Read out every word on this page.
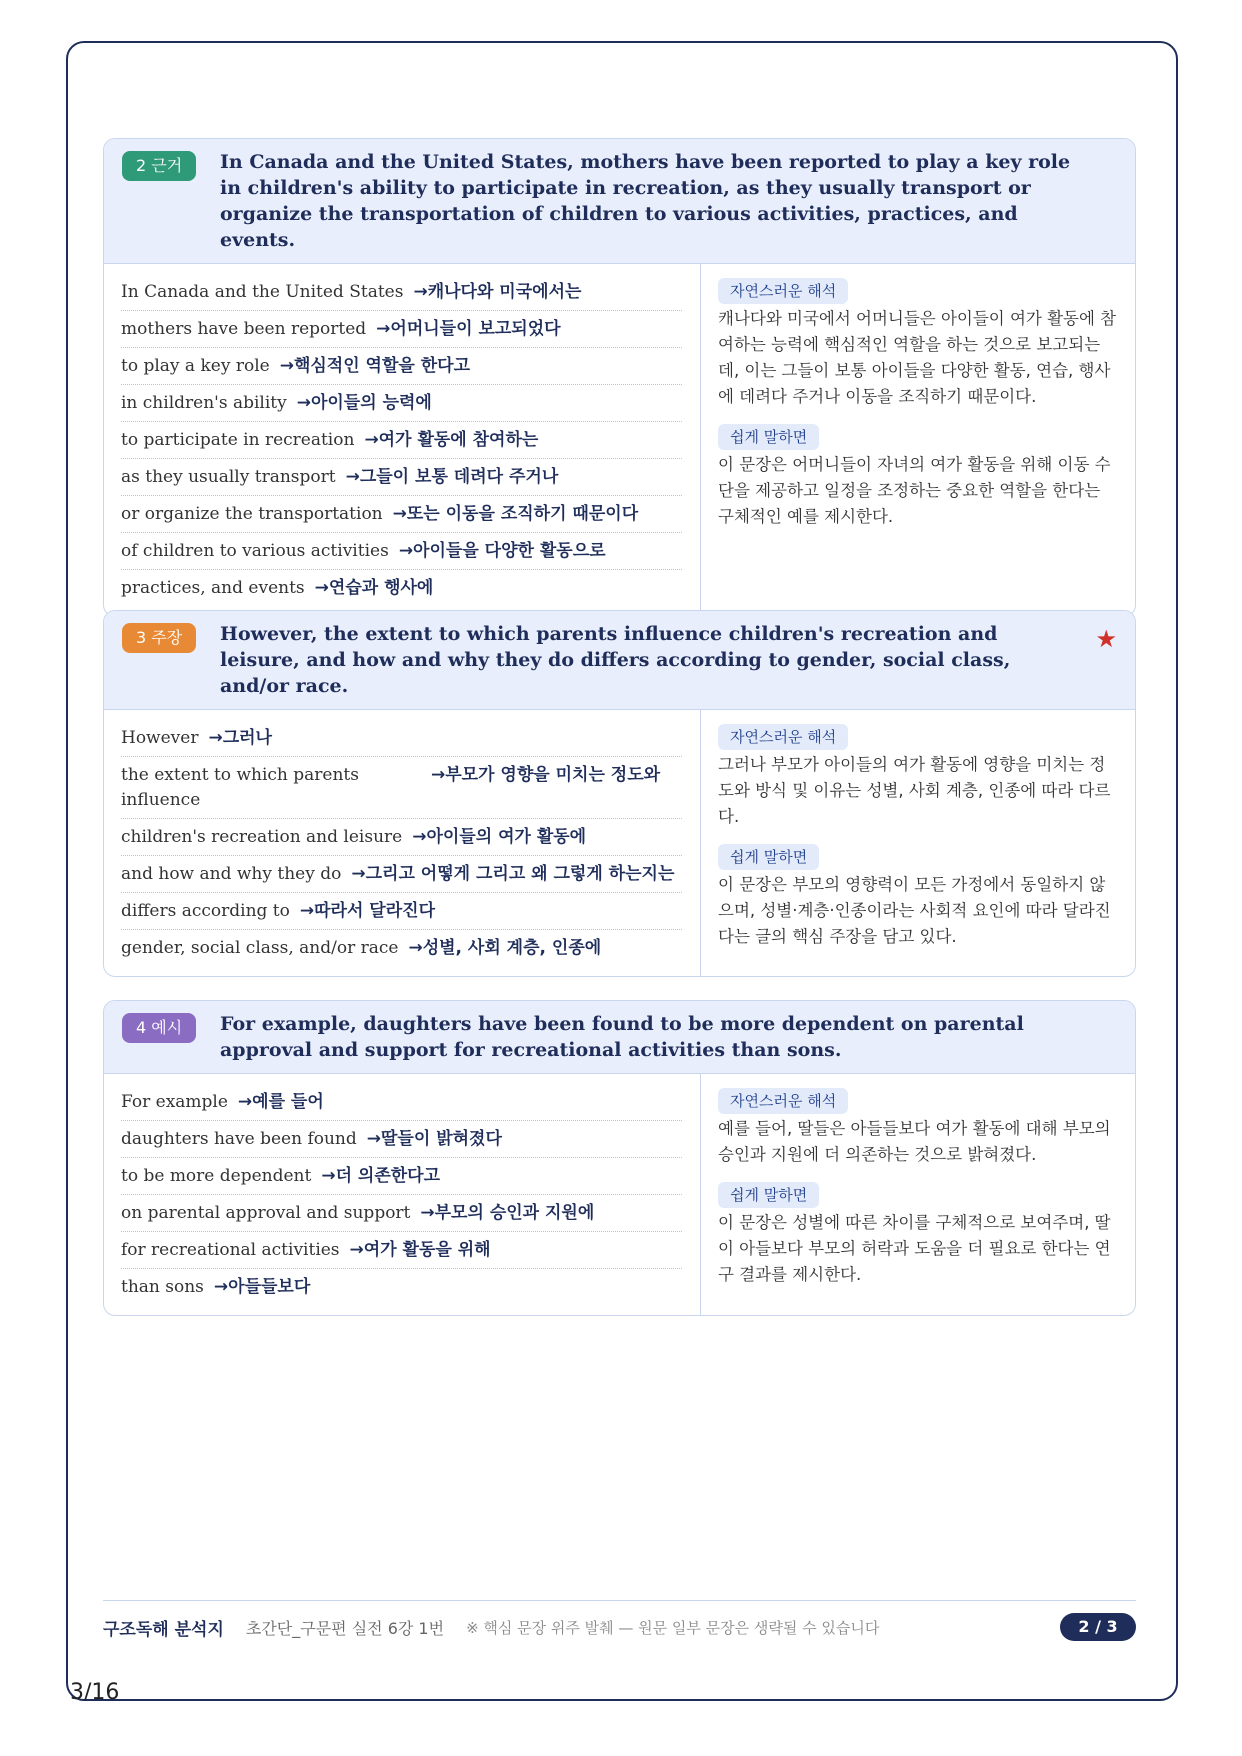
2 근거	In Canada and the United States, mothers have been reported to play a key role in children's ability to participate in recreation, as they usually transport or organize the transportation of children to various activities, practices, and events.
In Canada and the United States →캐나다와 미국에서는
mothers have been reported →어머니들이 보고되었다
to play a key role →핵심적인 역할을 한다고
in children's ability →아이들의 능력에
to participate in recreation →여가 활동에 참여하는
as they usually transport →그들이 보통 데려다 주거나
or organize the transportation →또는 이동을 조직하기 때문이다
of children to various activities →아이들을 다양한 활동으로
practices, and events →연습과 행사에
자연스러운 해석

캐나다와 미국에서 어머니들은 아이들이 여가 활동에 참여하는 능력에 핵심적인 역할을 하는 것으로 보고되는데, 이는 그들이 보통 아이들을 다양한 활동, 연습, 행사에 데려다 주거나 이동을 조직하기 때문이다.

쉽게 말하면

이 문장은 어머니들이 자녀의 여가 활동을 위해 이동 수단을 제공하고 일정을 조정하는 중요한 역할을 한다는 구체적인 예를 제시한다.

3 주장	However, the extent to which parents influence children's recreation and leisure, and how and why they do differs according to gender, social class, and/or race.
★
However →그러나
the extent to which parents influence
→부모가 영향을 미치는 정도와
children's recreation and leisure →아이들의 여가 활동에
and how and why they do →그리고 어떻게 그리고 왜 그렇게 하는지는
differs according to →따라서 달라진다
gender, social class, and/or race →성별, 사회 계층, 인종에
자연스러운 해석

그러나 부모가 아이들의 여가 활동에 영향을 미치는 정도와 방식 및 이유는 성별, 사회 계층, 인종에 따라 다르다.

쉽게 말하면

이 문장은 부모의 영향력이 모든 가정에서 동일하지 않으며, 성별·계층·인종이라는 사회적 요인에 따라 달라진다는 글의 핵심 주장을 담고 있다.

4 예시	For example, daughters have been found to be more dependent on parental approval and support for recreational activities than sons.
For example →예를 들어
daughters have been found →딸들이 밝혀졌다
to be more dependent →더 의존한다고
on parental approval and support →부모의 승인과 지원에
for recreational activities →여가 활동을 위해
than sons →아들들보다
자연스러운 해석

예를 들어, 딸들은 아들들보다 여가 활동에 대해 부모의 승인과 지원에 더 의존하는 것으로 밝혀졌다.

쉽게 말하면

이 문장은 성별에 따른 차이를 구체적으로 보여주며, 딸이 아들보다 부모의 허락과 도움을 더 필요로 한다는 연구 결과를 제시한다.

구조독해 분석지 초간단_구문편 실전 6강 1번 ※ 핵심 문장 위주 발췌 — 원문 일부 문장은 생략될 수 있습니다	2 / 3
3/16
